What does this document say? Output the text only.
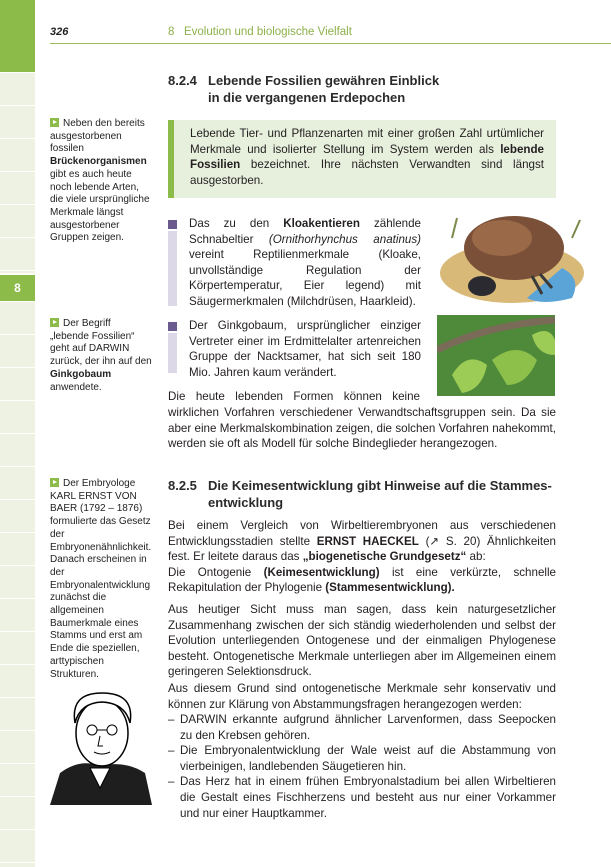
8
326	8   Evolution und biologische Vielfalt
8.2.4 Lebende Fossilien gewähren Einblick
in die vergangenen Erdepochen
Lebende Tier- und Pflanzenarten mit einer großen Zahl urtümlicher Merkmale und isolierter Stellung im System werden als lebende Fossilien bezeichnet. Ihre nächsten Verwandten sind längst ausgestorben.
Neben den bereits ausgestorbenen fossilen Brückenorganismen gibt es auch heute noch lebende Arten, die viele ursprüngliche Merkmale längst ausgestorbener Gruppen zeigen.
Das zu den Kloakentieren zählende Schnabeltier (Ornithorhynchus anatinus) vereint Reptilienmerkmale (Kloake, unvollständige Regulation der Körpertemperatur, Eier legend) mit Säugermerkmalen (Milchdrüsen, Haarkleid).
Der Begriff „lebende Fossilien“ geht auf DARWIN zurück, der ihn auf den Ginkgobaum anwendete.
Der Ginkgobaum, ursprünglicher einziger Vertreter einer im Erdmittelalter artenreichen Gruppe der Nacktsamer, hat sich seit 180 Mio. Jahren kaum verändert.
Die heute lebenden Formen können keine
wirklichen Vorfahren verschiedener Verwandtschaftsgruppen sein. Da sie aber eine Merkmalskombination zeigen, die solchen Vorfahren nahekommt, werden sie oft als Modell für solche Bindeglieder herangezogen.
8.2.5 Die Keimesentwicklung gibt Hinweise auf die Stammes-
entwicklung
Der Embryologe KARL ERNST VON BAER (1792 – 1876) formulierte das Gesetz der Embryonenähnlichkeit. Danach erscheinen in der Embryonalentwicklung zunächst die allgemeinen Baumerkmale eines Stamms und erst am Ende die speziellen, arttypischen Strukturen.
Bei einem Vergleich von Wirbeltierembryonen aus verschiedenen Entwicklungsstadien stellte ERNST HAECKEL (↗ S. 20) Ähnlichkeiten fest. Er leitete daraus das „biogenetische Grundgesetz“ ab:
Die Ontogenie (Keimesentwicklung) ist eine verkürzte, schnelle Rekapitulation der Phylogenie (Stammesentwicklung).
Aus heutiger Sicht muss man sagen, dass kein naturgesetzlicher Zusammenhang zwischen der sich ständig wiederholenden und selbst der Evolution unterliegenden Ontogenese und der einmaligen Phylogenese besteht. Ontogenetische Merkmale unterliegen aber im Allgemeinen einem geringeren Selektionsdruck.
Aus diesem Grund sind ontogenetische Merkmale sehr konservativ und können zur Klärung von Abstammungsfragen herangezogen werden:
– DARWIN erkannte aufgrund ähnlicher Larvenformen, dass Seepocken zu den Krebsen gehören.
– Die Embryonalentwicklung der Wale weist auf die Abstammung von vierbeinigen, landlebenden Säugetieren hin.
– Das Herz hat in einem frühen Embryonalstadium bei allen Wirbeltieren die Gestalt eines Fischherzens und besteht aus nur einer Vorkammer und nur einer Hauptkammer.
